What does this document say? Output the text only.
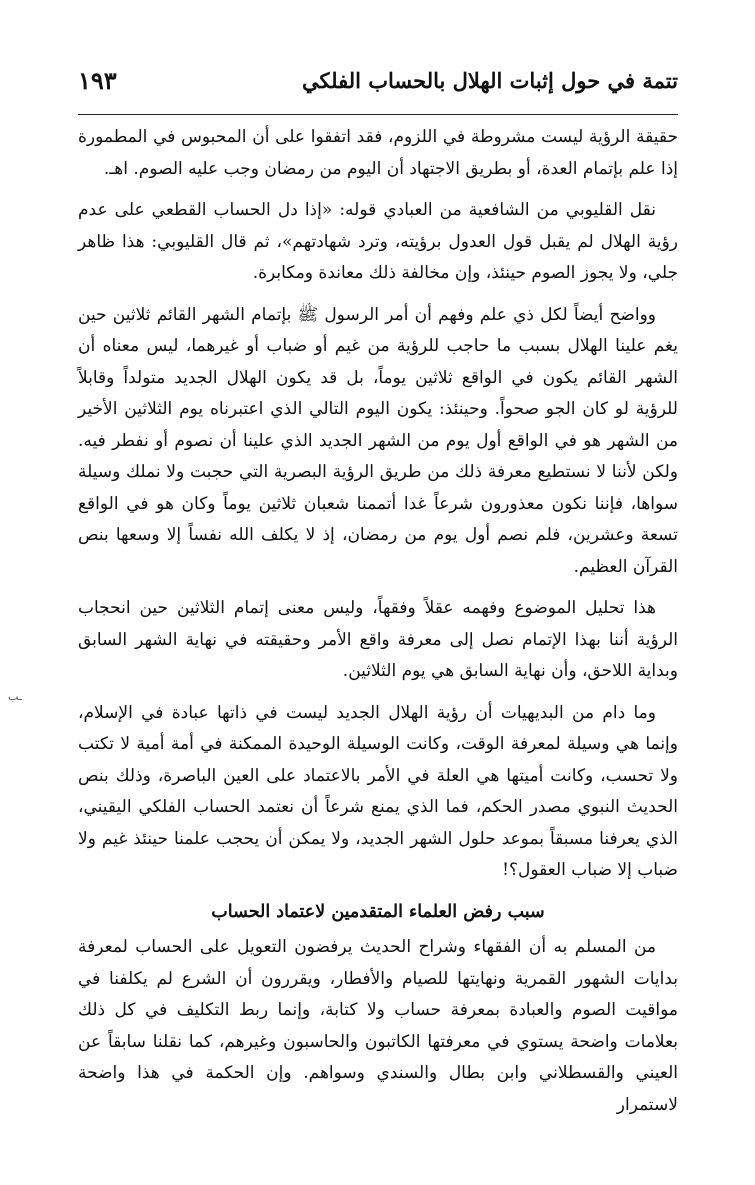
تتمة في حول إثبات الهلال بالحساب الفلكي
١٩٣

حقيقة الرؤية ليست مشروطة في اللزوم، فقد اتفقوا على أن المحبوس في المطمورة إذا علم بإتمام العدة، أو بطريق الاجتهاد أن اليوم من رمضان وجب عليه الصوم. اهـ.

نقل القليوبي من الشافعية من العبادي قوله: «إذا دل الحساب القطعي على عدم رؤية الهلال لم يقبل قول العدول برؤيته، وترد شهادتهم»، ثم قال القليوبي: هذا ظاهر جلي، ولا يجوز الصوم حينئذ، وإن مخالفة ذلك معاندة ومكابرة.

وواضح أيضاً لكل ذي علم وفهم أن أمر الرسول ﷺ بإتمام الشهر القائم ثلاثين حين يغم علينا الهلال بسبب ما حاجب للرؤية من غيم أو ضباب أو غيرهما، ليس معناه أن الشهر القائم يكون في الواقع ثلاثين يوماً، بل قد يكون الهلال الجديد متولداً وقابلاً للرؤية لو كان الجو صحواً. وحينئذ: يكون اليوم التالي الذي اعتبرناه يوم الثلاثين الأخير من الشهر هو في الواقع أول يوم من الشهر الجديد الذي علينا أن نصوم أو نفطر فيه. ولكن لأننا لا نستطيع معرفة ذلك من طريق الرؤية البصرية التي حجبت ولا نملك وسيلة سواها، فإننا نكون معذورون شرعاً غدا أتممنا شعبان ثلاثين يوماً وكان هو في الواقع تسعة وعشرين، فلم نصم أول يوم من رمضان، إذ لا يكلف الله نفساً إلا وسعها بنص القرآن العظيم.

هذا تحليل الموضوع وفهمه عقلاً وفقهاً، وليس معنى إتمام الثلاثين حين انحجاب الرؤية أننا بهذا الإتمام نصل إلى معرفة واقع الأمر وحقيقته في نهاية الشهر السابق وبداية اللاحق، وأن نهاية السابق هي يوم الثلاثين.

وما دام من البديهيات أن رؤية الهلال الجديد ليست في ذاتها عبادة في الإسلام، وإنما هي وسيلة لمعرفة الوقت، وكانت الوسيلة الوحيدة الممكنة في أمة أمية لا تكتب ولا تحسب، وكانت أميتها هي العلة في الأمر بالاعتماد على العين الباصرة، وذلك بنص الحديث النبوي مصدر الحكم، فما الذي يمنع شرعاً أن نعتمد الحساب الفلكي اليقيني، الذي يعرفنا مسبقاً بموعد حلول الشهر الجديد، ولا يمكن أن يحجب علمنا حينئذ غيم ولا ضباب إلا ضباب العقول؟!

سبب رفض العلماء المتقدمين لاعتماد الحساب

من المسلم به أن الفقهاء وشراح الحديث يرفضون التعويل على الحساب لمعرفة بدايات الشهور القمرية ونهايتها للصيام والأفطار، ويقررون أن الشرع لم يكلفنا في مواقيت الصوم والعبادة بمعرفة حساب ولا كتابة، وإنما ربط التكليف في كل ذلك بعلامات واضحة يستوي في معرفتها الكاتبون والحاسبون وغيرهم، كما نقلنا سابقاً عن العيني والقسطلاني وابن بطال والسندي وسواهم. وإن الحكمة في هذا واضحة لاستمرار

ـب
